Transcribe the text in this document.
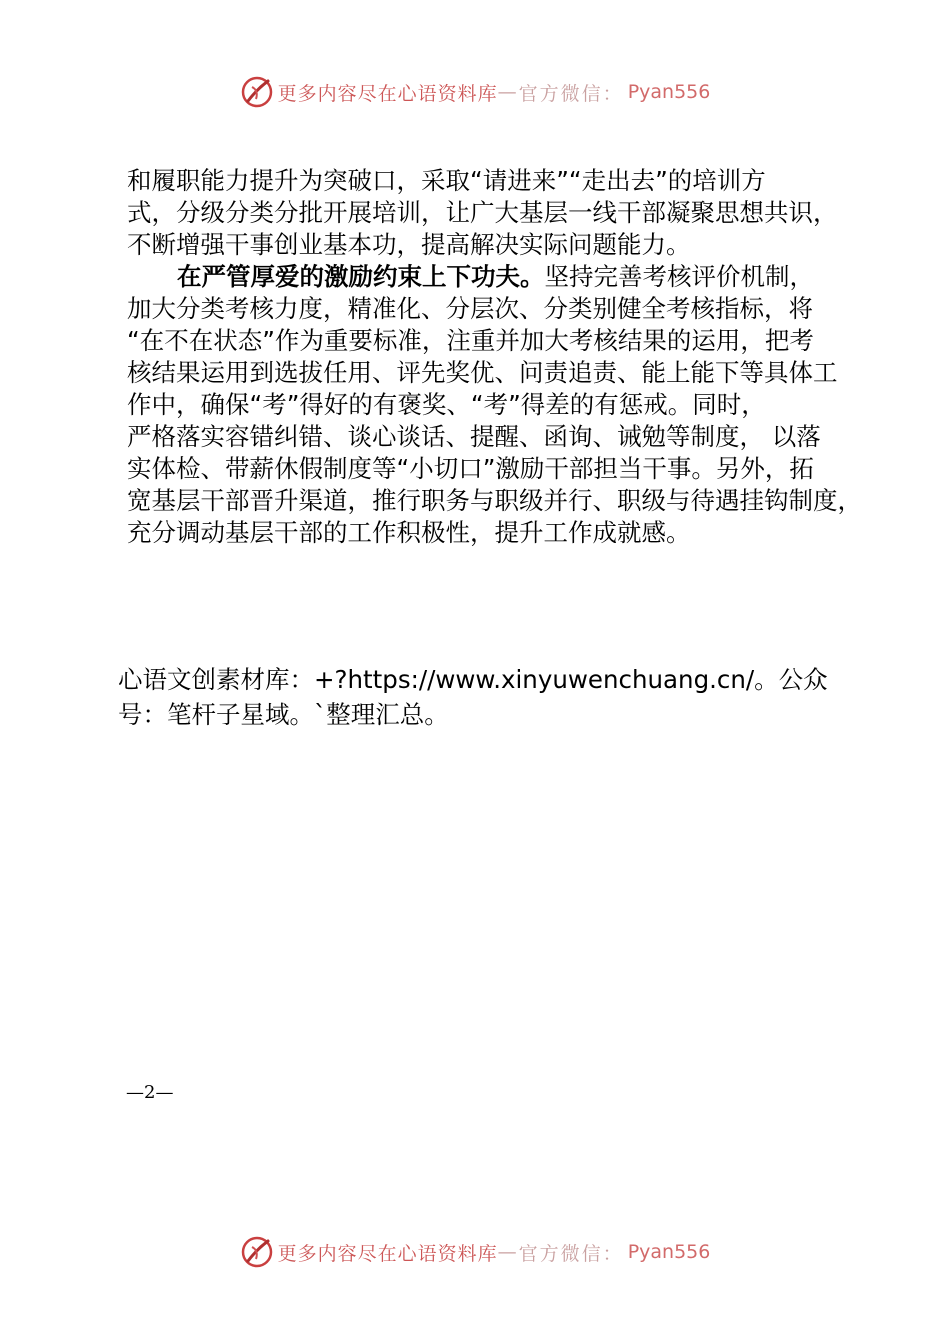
更多内容尽在心语资料库 — 官方微信： Pyan556
和履职能力提升为突破口，采取“请进来”“走出去”的培训方
式，分级分类分批开展培训，让广大基层一线干部凝聚思想共识，
不断增强干事创业基本功，提高解决实际问题能力。
在严管厚爱的激励约束上下功夫。坚持完善考核评价机制，
加大分类考核力度，精准化、分层次、分类别健全考核指标，将
“在不在状态”作为重要标准，注重并加大考核结果的运用，把考
核结果运用到选拔任用、评先奖优、问责追责、能上能下等具体工
作中，确保“考”得好的有褒奖、“考”得差的有惩戒。同时，
严格落实容错纠错、谈心谈话、提醒、函询、诫勉等制度， 以落
实体检、带薪休假制度等“小切口”激励干部担当干事。另外，拓
宽基层干部晋升渠道，推行职务与职级并行、职级与待遇挂钩制度，
充分调动基层干部的工作积极性，提升工作成就感。
心语文创素材库：+?https://www.xinyuwenchuang.cn/。公众
号：笔杆子星域。`整理汇总。
—2—
更多内容尽在心语资料库 — 官方微信： Pyan556
